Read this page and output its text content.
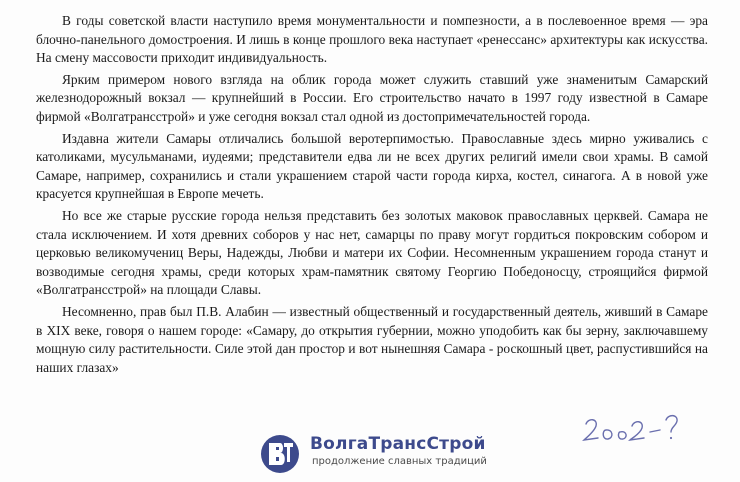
В годы советской власти наступило время монументальности и помпезности, а в послевоенное время — эра блочно-панельного домостроения. И лишь в конце прошлого века наступает «ренессанс» архитектуры как искусства. На смену массовости приходит индивидуальность.

Ярким примером нового взгляда на облик города может служить ставший уже знаменитым Самарский железнодорожный вокзал — крупнейший в России. Его строительство начато в 1997 году известной в Самаре фирмой «Волгатрансстрой» и уже сегодня вокзал стал одной из достопримечательностей города.

Издавна жители Самары отличались большой веротерпимостью. Православные здесь мирно уживались с католиками, мусульманами, иудеями; представители едва ли не всех других религий имели свои храмы. В самой Самаре, например, сохранились и стали украшением старой части города кирха, костел, синагога. А в новой уже красуется крупнейшая в Европе мечеть.

Но все же старые русские города нельзя представить без золотых маковок православных церквей. Самара не стала исключением. И хотя древних соборов у нас нет, самарцы по праву могут гордиться покровским собором и церковью великомучениц Веры, Надежды, Любви и матери их Софии. Несомненным украшением города станут и возводимые сегодня храмы, среди которых храм-памятник святому Георгию Победоносцу, строящийся фирмой «Волгатрансстрой» на площади Славы.

Несомненно, прав был П.В. Алабин — известный общественный и государственный деятель, живший в Самаре в XIX веке, говоря о нашем городе: «Самару, до открытия губернии, можно уподобить как бы зерну, заключавшему мощную силу растительности. Силе этой дан простор и вот нынешняя Самара - роскошный цвет, распустившийся на наших глазах»

ВолгаТрансСтрой
продолжение славных традиций
